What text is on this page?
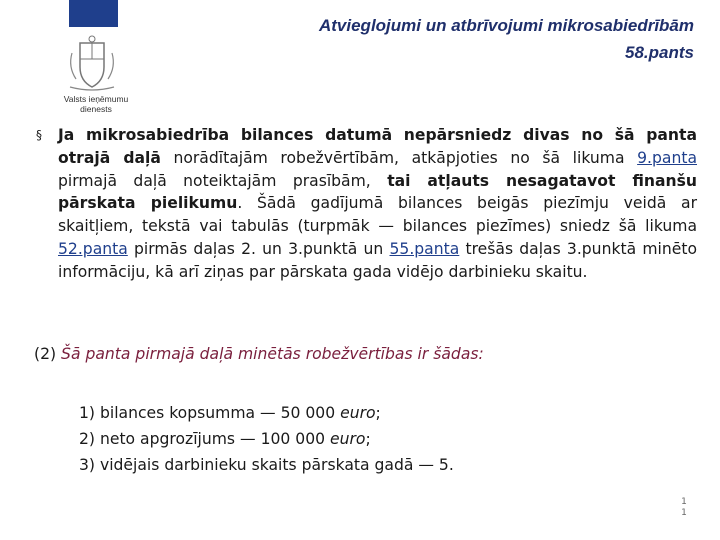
Valsts ieņēmumu
dienests
Atvieglojumi un atbrīvojumi mikrosabiedrībām
58.pants
§ Ja mikrosabiedrība bilances datumā nepārsniedz divas no šā panta otrajā daļā norādītajām robežvērtībām, atkāpjoties no šā likuma 9.panta pirmajā daļā noteiktajām prasībām, tai atļauts nesagatavot finanšu pārskata pielikumu. Šādā gadījumā bilances beigās piezīmju veidā ar skaitļiem, tekstā vai tabulās (turpmāk — bilances piezīmes) sniedz šā likuma 52.panta pirmās daļas 2. un 3.punktā un 55.panta trešās daļas 3.punktā minēto informāciju, kā arī ziņas par pārskata gada vidējo darbinieku skaitu.
(2) Šā panta pirmajā daļā minētās robežvērtības ir šādas:
1) bilances kopsumma — 50 000 euro;
2) neto apgrozījums — 100 000 euro;
3) vidējais darbinieku skaits pārskata gadā — 5.
11
